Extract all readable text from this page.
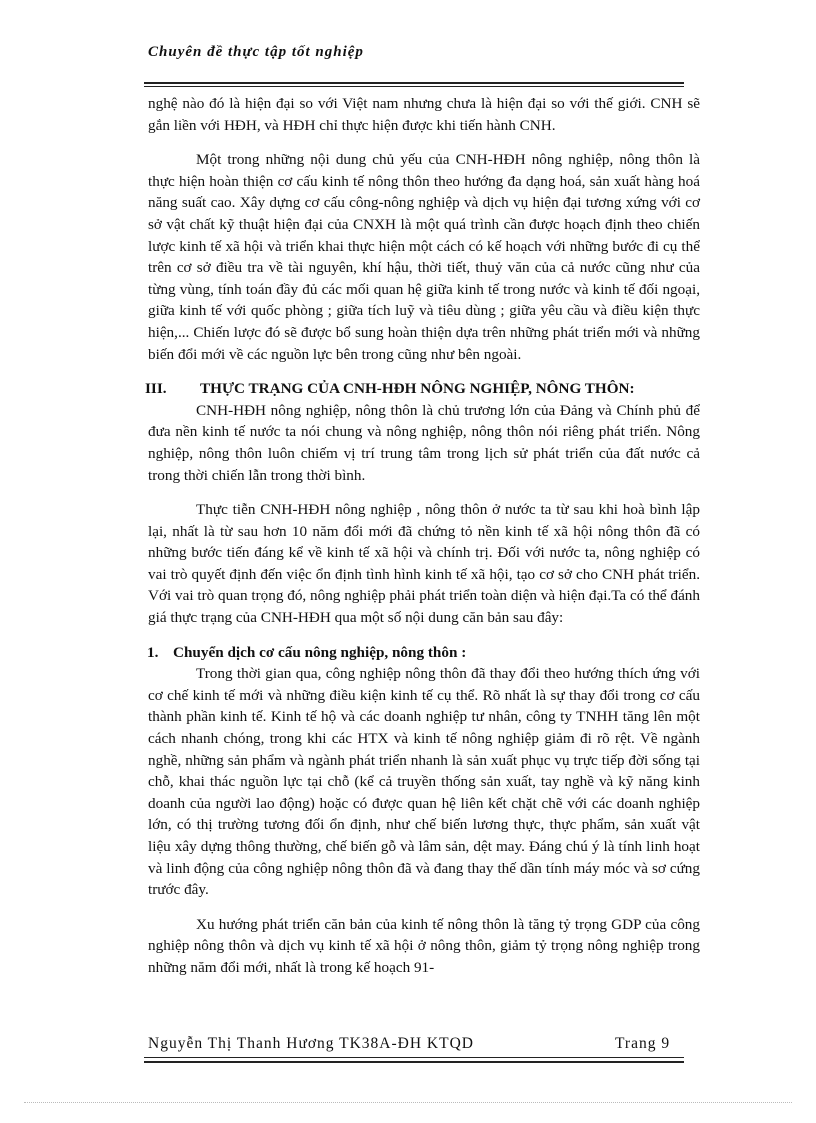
Chuyên đề thực tập tốt nghiệp

nghệ nào đó là hiện đại so với Việt nam nhưng chưa là hiện đại so với thế giới. CNH sẽ gắn liền với HĐH, và HĐH chỉ thực hiện được khi tiến hành CNH.

Một trong những nội dung chủ yếu của CNH-HĐH nông nghiệp, nông thôn là thực hiện hoàn thiện cơ cấu kinh tế nông thôn theo hướng đa dạng hoá, sản xuất hàng hoá năng suất cao. Xây dựng cơ cấu công-nông nghiệp và dịch vụ hiện đại tương xứng với cơ sở vật chất kỹ thuật hiện đại của CNXH là một quá trình cần được hoạch định theo chiến lược kinh tế xã hội và triển khai thực hiện một cách có kế hoạch với những bước đi cụ thể trên cơ sở điều tra về tài nguyên, khí hậu, thời tiết, thuỷ văn của cả nước cũng như của từng vùng, tính toán đầy đủ các mối quan hệ giữa kinh tế trong nước và kinh tế đối ngoại, giữa kinh tế với quốc phòng ; giữa tích luỹ và tiêu dùng ; giữa yêu cầu và điều kiện thực hiện,... Chiến lược đó sẽ được bổ sung hoàn thiện dựa trên những phát triển mới và những biến đổi mới về các nguồn lực bên trong cũng như bên ngoài.

III. THỰC TRẠNG CỦA CNH-HĐH NÔNG NGHIỆP, NÔNG THÔN:

CNH-HĐH nông nghiệp, nông thôn là chủ trương lớn của Đảng và Chính phủ để đưa nền kinh tế nước ta nói chung và nông nghiệp, nông thôn nói riêng phát triển. Nông nghiệp, nông thôn luôn chiếm vị trí trung tâm trong lịch sử phát triển của đất nước cả trong thời chiến lẫn trong thời bình.

Thực tiễn CNH-HĐH nông nghiệp , nông thôn ở nước ta từ sau khi hoà bình lập lại, nhất là từ sau hơn 10 năm đổi mới đã chứng tỏ nền kinh tế xã hội nông thôn đã có những bước tiến đáng kể về kinh tế xã hội và chính trị. Đối với nước ta, nông nghiệp có vai trò quyết định đến việc ổn định tình hình kinh tế xã hội, tạo cơ sở cho CNH phát triển. Với vai trò quan trọng đó, nông nghiệp phải phát triển toàn diện và hiện đại.Ta có thể đánh giá thực trạng của CNH-HĐH qua một số nội dung căn bản sau đây:

1. Chuyển dịch cơ cấu nông nghiệp, nông thôn :

Trong thời gian qua, công nghiệp nông thôn đã thay đổi theo hướng thích ứng với cơ chế kinh tế mới và những điều kiện kinh tế cụ thể. Rõ nhất là sự thay đổi trong cơ cấu thành phần kinh tế. Kinh tế hộ và các doanh nghiệp tư nhân, công ty TNHH tăng lên một cách nhanh chóng, trong khi các HTX và kinh tế nông nghiệp giảm đi rõ rệt. Về ngành nghề, những sản phẩm và ngành phát triển nhanh là sản xuất phục vụ trực tiếp đời sống tại chỗ, khai thác nguồn lực tại chỗ (kể cả truyền thống sản xuất, tay nghề và kỹ năng kinh doanh của người lao động) hoặc có được quan hệ liên kết chặt chẽ với các doanh nghiệp lớn, có thị trường tương đối ổn định, như chế biến lương thực, thực phẩm, sản xuất vật liệu xây dựng thông thường, chế biến gỗ và lâm sản, dệt may. Đáng chú ý là tính linh hoạt và linh động của công nghiệp nông thôn đã và đang thay thế dần tính máy móc và sơ cứng trước đây.

Xu hướng phát triển căn bản của kinh tế nông thôn là tăng tỷ trọng GDP của công nghiệp nông thôn và dịch vụ kinh tế xã hội ở nông thôn, giảm tỷ trọng nông nghiệp trong những năm đổi mới, nhất là trong kế hoạch 91-

Nguyễn Thị Thanh Hương TK38A-ĐH KTQD	Trang 9
